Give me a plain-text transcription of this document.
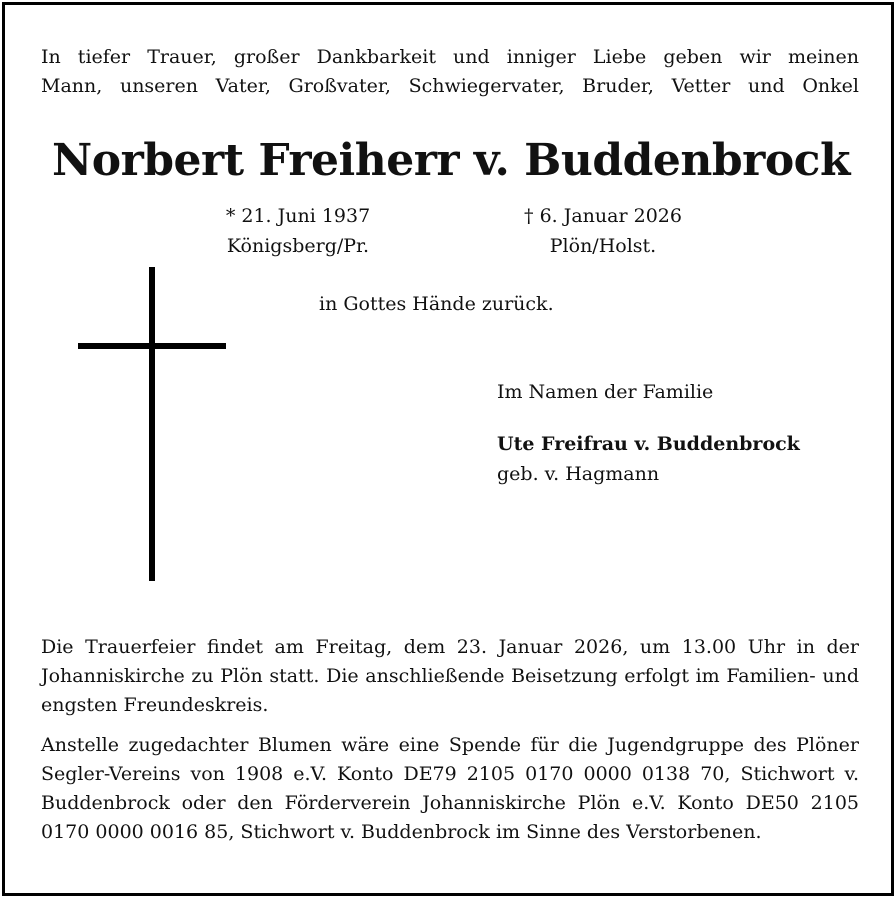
In tiefer Trauer, großer Dankbarkeit und inniger Liebe geben wir meinen
Mann, unseren Vater, Großvater, Schwiegervater, Bruder, Vetter und Onkel
Norbert Freiherr v. Buddenbrock
* 21. Juni 1937
Königsberg/Pr.
† 6. Januar 2026
Plön/Holst.
in Gottes Hände zurück.
Im Namen der Familie
Ute Freifrau v. Buddenbrock
geb. v. Hagmann
Die Trauerfeier findet am Freitag, dem 23. Januar 2026, um 13.00 Uhr in der Johanniskirche zu Plön statt. Die anschließende Beisetzung erfolgt im Familien- und engsten Freundeskreis.
Anstelle zugedachter Blumen wäre eine Spende für die Jugendgruppe des Plöner Segler-Vereins von 1908 e.V. Konto DE79 2105 0170 0000 0138 70, Stichwort v. Buddenbrock oder den Förderverein Johanniskirche Plön e.V. Konto DE50 2105 0170 0000 0016 85, Stichwort v. Buddenbrock im Sinne des Verstorbenen.
